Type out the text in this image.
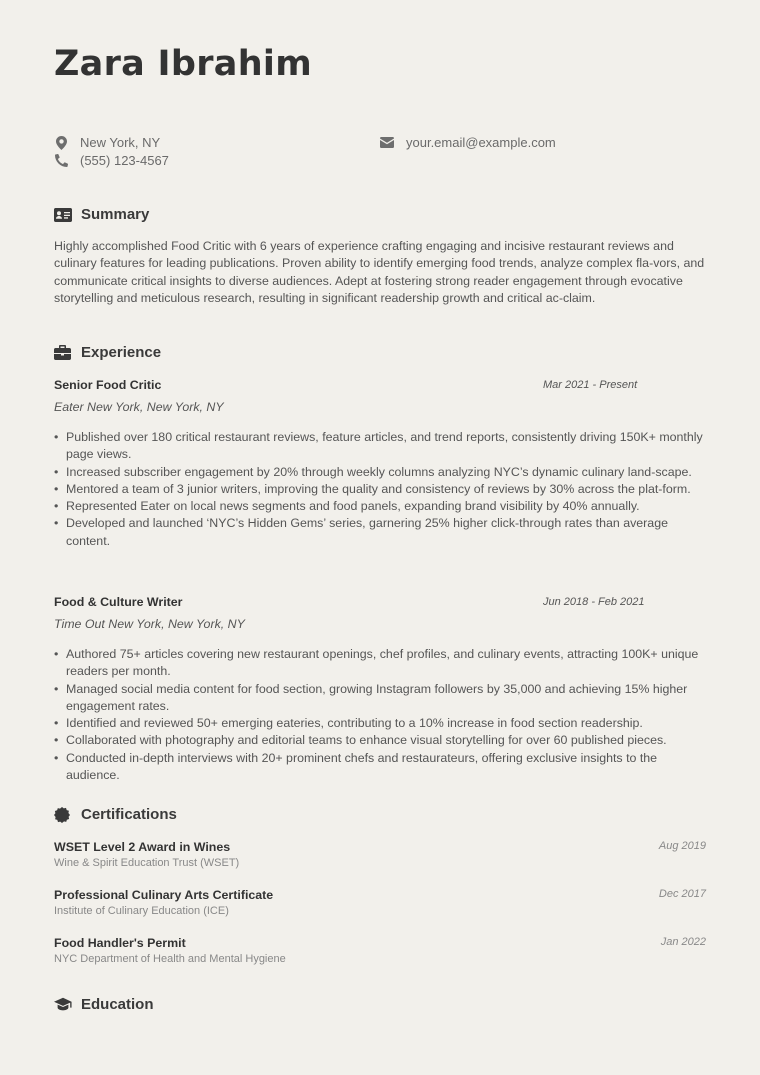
Zara Ibrahim
New York, NY
(555) 123-4567
your.email@example.com
Summary

Highly accomplished Food Critic with 6 years of experience crafting engaging and incisive restaurant reviews and culinary features for leading publications. Proven ability to identify emerging food trends, analyze complex fla-vors, and communicate critical insights to diverse audiences. Adept at fostering strong reader engagement through evocative storytelling and meticulous research, resulting in significant readership growth and critical ac-claim.

Experience
Senior Food Critic	Mar 2021 - Present
Eater New York, New York, NY
• Published over 180 critical restaurant reviews, feature articles, and trend reports, consistently driving 150K+ monthly page views.
• Increased subscriber engagement by 20% through weekly columns analyzing NYC’s dynamic culinary land-scape.
• Mentored a team of 3 junior writers, improving the quality and consistency of reviews by 30% across the plat-form.
• Represented Eater on local news segments and food panels, expanding brand visibility by 40% annually.
• Developed and launched ‘NYC’s Hidden Gems’ series, garnering 25% higher click-through rates than average content.
Food & Culture Writer	Jun 2018 - Feb 2021
Time Out New York, New York, NY
• Authored 75+ articles covering new restaurant openings, chef profiles, and culinary events, attracting 100K+ unique readers per month.
• Managed social media content for food section, growing Instagram followers by 35,000 and achieving 15% higher engagement rates.
• Identified and reviewed 50+ emerging eateries, contributing to a 10% increase in food section readership.
• Collaborated with photography and editorial teams to enhance visual storytelling for over 60 published pieces.
• Conducted in-depth interviews with 20+ prominent chefs and restaurateurs, offering exclusive insights to the audience.
Certifications
WSET Level 2 Award in Wines	Aug 2019
Wine & Spirit Education Trust (WSET)
Professional Culinary Arts Certificate	Dec 2017
Institute of Culinary Education (ICE)
Food Handler's Permit	Jan 2022
NYC Department of Health and Mental Hygiene
Education
